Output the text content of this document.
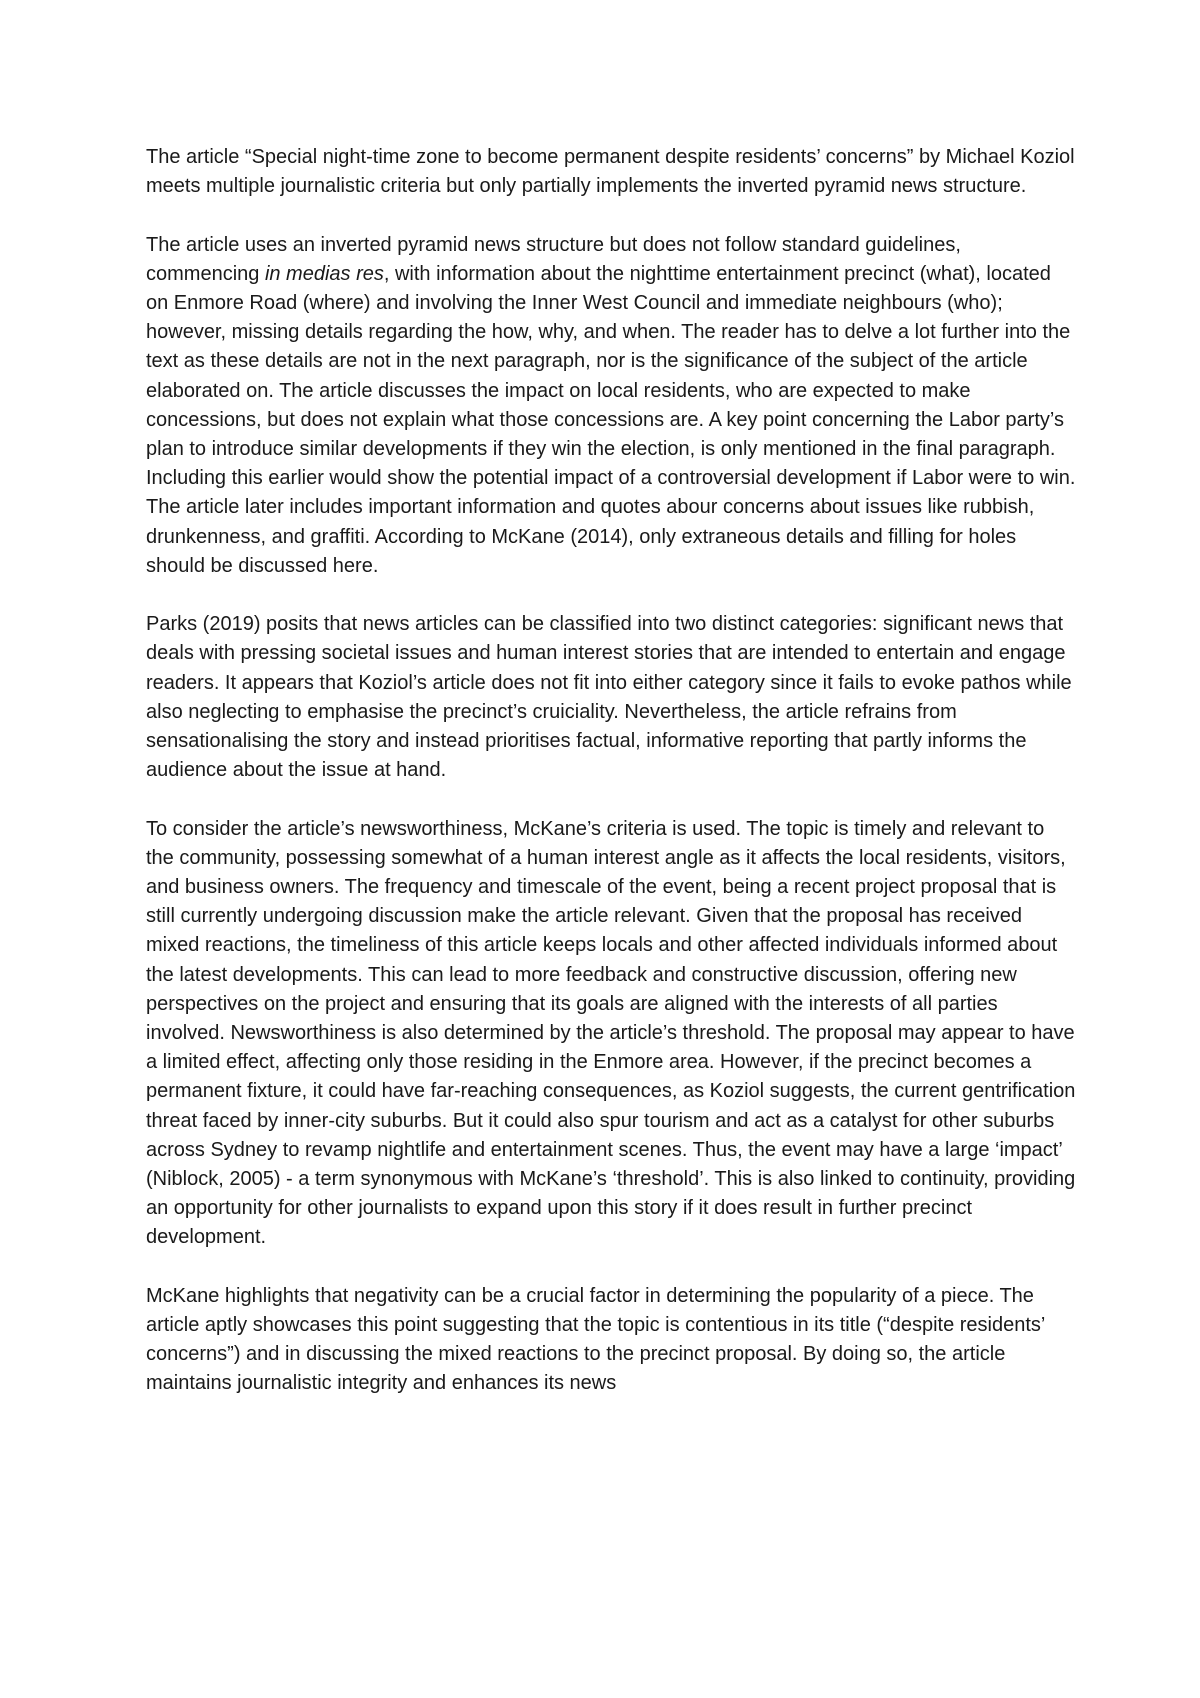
The article “Special night-time zone to become permanent despite residents’ concerns” by Michael Koziol meets multiple journalistic criteria but only partially implements the inverted pyramid news structure.

The article uses an inverted pyramid news structure but does not follow standard guidelines, commencing in medias res, with information about the nighttime entertainment precinct (what), located on Enmore Road (where) and involving the Inner West Council and immediate neighbours (who); however, missing details regarding the how, why, and when. The reader has to delve a lot further into the text as these details are not in the next paragraph, nor is the significance of the subject of the article elaborated on. The article discusses the impact on local residents, who are expected to make concessions, but does not explain what those concessions are. A key point concerning the Labor party’s plan to introduce similar developments if they win the election, is only mentioned in the final paragraph. Including this earlier would show the potential impact of a controversial development if Labor were to win. The article later includes important information and quotes abour concerns about issues like rubbish, drunkenness, and graffiti. According to McKane (2014), only extraneous details and filling for holes should be discussed here.

Parks (2019) posits that news articles can be classified into two distinct categories: significant news that deals with pressing societal issues and human interest stories that are intended to entertain and engage readers. It appears that Koziol’s article does not fit into either category since it fails to evoke pathos while also neglecting to emphasise the precinct’s cruiciality. Nevertheless, the article refrains from sensationalising the story and instead prioritises factual, informative reporting that partly informs the audience about the issue at hand.

To consider the article’s newsworthiness, McKane’s criteria is used. The topic is timely and relevant to the community, possessing somewhat of a human interest angle as it affects the local residents, visitors, and business owners. The frequency and timescale of the event, being a recent project proposal that is still currently undergoing discussion make the article relevant. Given that the proposal has received mixed reactions, the timeliness of this article keeps locals and other affected individuals informed about the latest developments. This can lead to more feedback and constructive discussion, offering new perspectives on the project and ensuring that its goals are aligned with the interests of all parties involved. Newsworthiness is also determined by the article’s threshold. The proposal may appear to have a limited effect, affecting only those residing in the Enmore area. However, if the precinct becomes a permanent fixture, it could have far-reaching consequences, as Koziol suggests, the current gentrification threat faced by inner-city suburbs. But it could also spur tourism and act as a catalyst for other suburbs across Sydney to revamp nightlife and entertainment scenes. Thus, the event may have a large ‘impact’ (Niblock, 2005) - a term synonymous with McKane’s ‘threshold’. This is also linked to continuity, providing an opportunity for other journalists to expand upon this story if it does result in further precinct development.

McKane highlights that negativity can be a crucial factor in determining the popularity of a piece. The article aptly showcases this point suggesting that the topic is contentious in its title (“despite residents’ concerns”) and in discussing the mixed reactions to the precinct proposal. By doing so, the article maintains journalistic integrity and enhances its news
